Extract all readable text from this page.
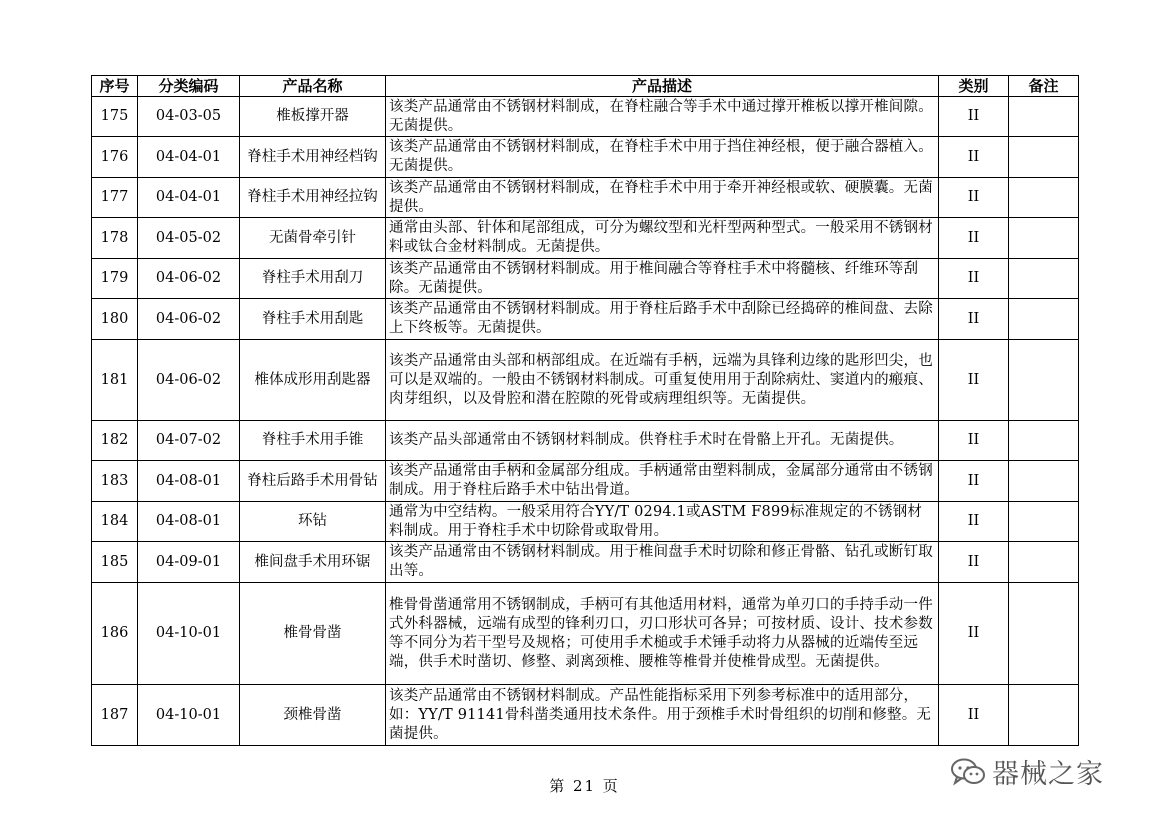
序号	分类编码	产品名称	产品描述	类别	备注
175	04-03-05	椎板撑开器	该类产品通常由不锈钢材料制成，在脊柱融合等手术中通过撑开椎板以撑开椎间隙。无菌提供。	II	
176	04-04-01	脊柱手术用神经档钩	该类产品通常由不锈钢材料制成，在脊柱手术中用于挡住神经根，便于融合器植入。无菌提供。	II	
177	04-04-01	脊柱手术用神经拉钩	该类产品通常由不锈钢材料制成，在脊柱手术中用于牵开神经根或软、硬膜囊。无菌提供。	II	
178	04-05-02	无菌骨牵引针	通常由头部、针体和尾部组成，可分为螺纹型和光杆型两种型式。一般采用不锈钢材料或钛合金材料制成。无菌提供。	II	
179	04-06-02	脊柱手术用刮刀	该类产品通常由不锈钢材料制成。用于椎间融合等脊柱手术中将髓核、纤维环等刮除。无菌提供。	II	
180	04-06-02	脊柱手术用刮匙	该类产品通常由不锈钢材料制成。用于脊柱后路手术中刮除已经捣碎的椎间盘、去除上下终板等。无菌提供。	II	
181	04-06-02	椎体成形用刮匙器	该类产品通常由头部和柄部组成。在近端有手柄，远端为具锋利边缘的匙形凹尖，也可以是双端的。一般由不锈钢材料制成。可重复使用用于刮除病灶、窦道内的瘢痕、肉芽组织，以及骨腔和潜在腔隙的死骨或病理组织等。无菌提供。	II	
182	04-07-02	脊柱手术用手锥	该类产品头部通常由不锈钢材料制成。供脊柱手术时在骨骼上开孔。无菌提供。	II	
183	04-08-01	脊柱后路手术用骨钻	该类产品通常由手柄和金属部分组成。手柄通常由塑料制成，金属部分通常由不锈钢制成。用于脊柱后路手术中钻出骨道。	II	
184	04-08-01	环钻	通常为中空结构。一般采用符合YY/T 0294.1或ASTM F899标准规定的不锈钢材料制成。用于脊柱手术中切除骨或取骨用。	II	
185	04-09-01	椎间盘手术用环锯	该类产品通常由不锈钢材料制成。用于椎间盘手术时切除和修正骨骼、钻孔或断钉取出等。	II	
186	04-10-01	椎骨骨凿	椎骨骨凿通常用不锈钢制成，手柄可有其他适用材料，通常为单刃口的手持手动一件式外科器械，远端有成型的锋利刃口，刃口形状可各异；可按材质、设计、技术参数等不同分为若干型号及规格；可使用手术槌或手术锤手动将力从器械的近端传至远端，供手术时凿切、修整、剥离颈椎、腰椎等椎骨并使椎骨成型。无菌提供。	II	
187	04-10-01	颈椎骨凿	该类产品通常由不锈钢材料制成。产品性能指标采用下列参考标准中的适用部分，如：YY/T 91141骨科凿类通用技术条件。用于颈椎手术时骨组织的切削和修整。无菌提供。	II	
第 21 页	器械之家
